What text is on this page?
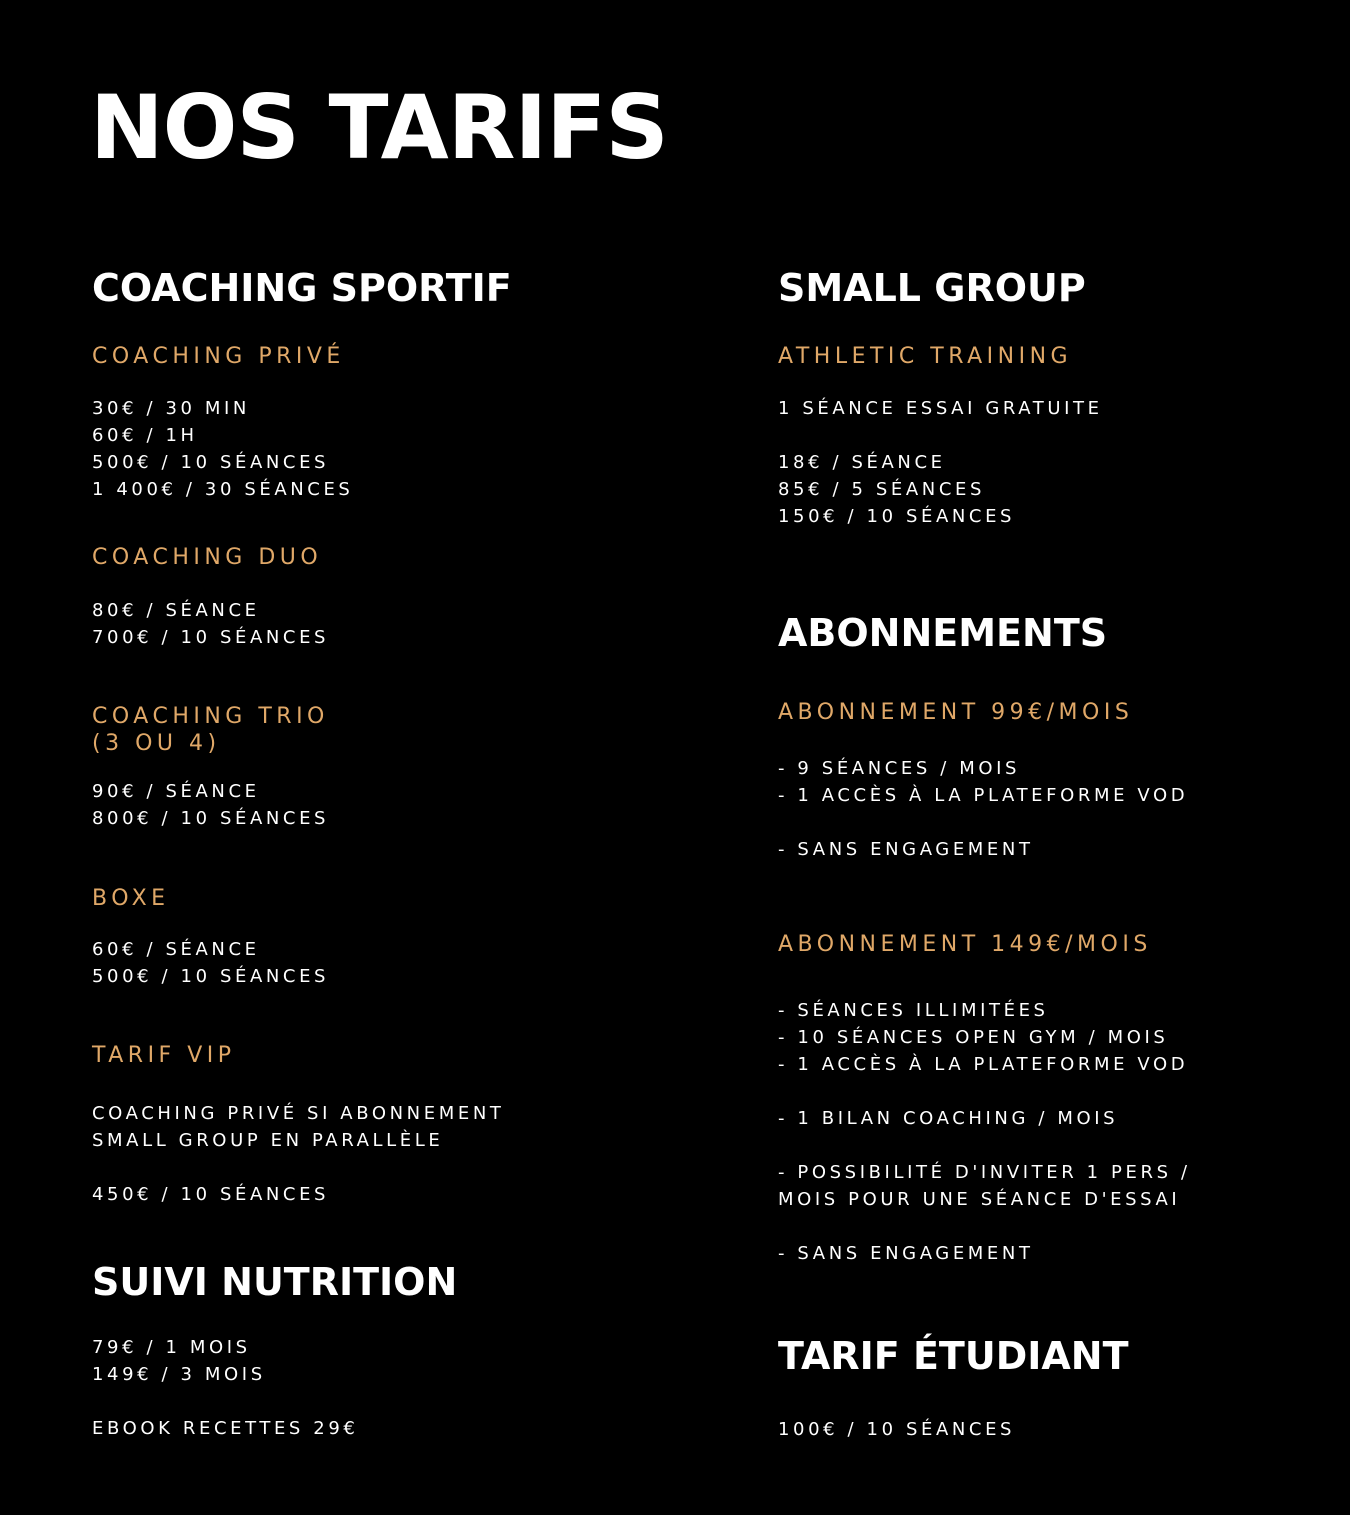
NOS TARIFS
COACHING SPORTIF
COACHING PRIVÉ
30€ / 30 MIN
60€ / 1H
500€ / 10 SÉANCES
1 400€ / 30 SÉANCES
COACHING DUO
80€ / SÉANCE
700€ / 10 SÉANCES
COACHING TRIO
(3 OU 4)
90€ / SÉANCE
800€ / 10 SÉANCES
BOXE
60€ / SÉANCE
500€ / 10 SÉANCES
TARIF VIP
COACHING PRIVÉ SI ABONNEMENT
SMALL GROUP EN PARALLÈLE
450€ / 10 SÉANCES
SUIVI NUTRITION
79€ / 1 MOIS
149€ / 3 MOIS
EBOOK RECETTES 29€
SMALL GROUP
ATHLETIC TRAINING
1 SÉANCE ESSAI GRATUITE
18€ / SÉANCE
85€ / 5 SÉANCES
150€ / 10 SÉANCES
ABONNEMENTS
ABONNEMENT 99€/MOIS
- 9 SÉANCES / MOIS
- 1 ACCÈS À LA PLATEFORME VOD
- SANS ENGAGEMENT
ABONNEMENT 149€/MOIS
- SÉANCES ILLIMITÉES
- 10 SÉANCES OPEN GYM / MOIS
- 1 ACCÈS À LA PLATEFORME VOD
- 1 BILAN COACHING / MOIS
- POSSIBILITÉ D'INVITER 1 PERS /
MOIS POUR UNE SÉANCE D'ESSAI
- SANS ENGAGEMENT
TARIF ÉTUDIANT
100€ / 10 SÉANCES
